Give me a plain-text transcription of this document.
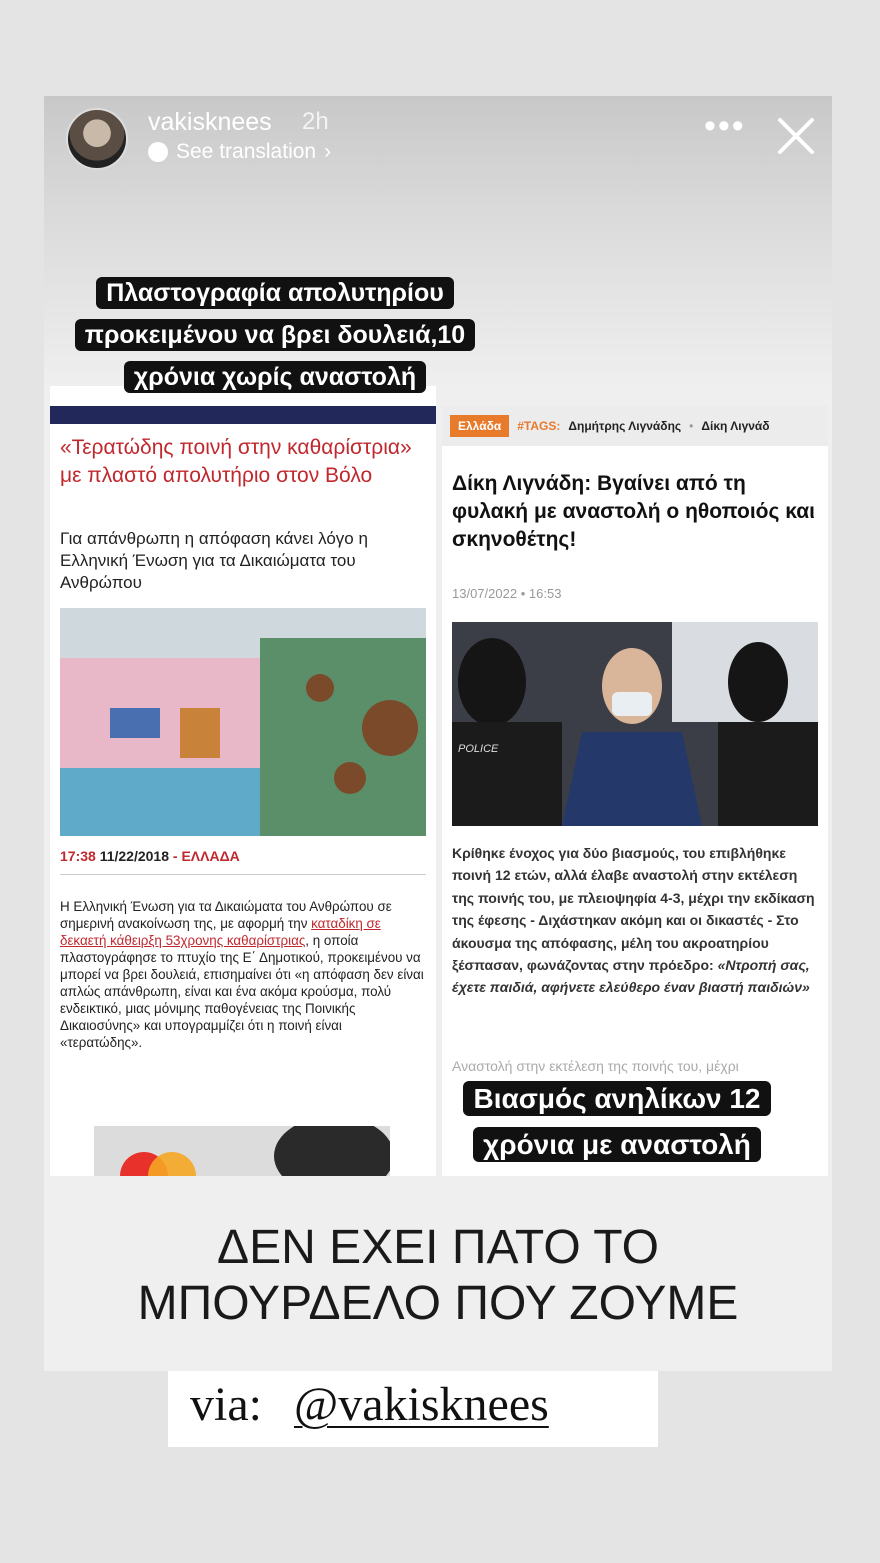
vakisknees 2h
See translation ›
•••
«Τερατώδης ποινή στην καθαρίστρια» με πλαστό απολυτήριο στον Βόλο
Για απάνθρωπη η απόφαση κάνει λόγο η Ελληνική Ένωση για τα Δικαιώματα του Ανθρώπου
17:38 11/22/2018 - ΕΛΛΑΔΑ
Η Ελληνική Ένωση για τα Δικαιώματα του Ανθρώπου σε σημερινή ανακοίνωση της, με αφορμή την καταδίκη σε δεκαετή κάθειρξη 53χρονης καθαρίστριας, η οποία πλαστογράφησε το πτυχίο της Ε΄ Δημοτικού, προκειμένου να μπορεί να βρει δουλειά, επισημαίνει ότι «η απόφαση δεν είναι απλώς απάνθρωπη, είναι και ένα ακόμα κρούσμα, πολύ ενδεικτικό, μιας μόνιμης παθογένειας της Ποινικής Δικαιοσύνης» και υπογραμμίζει ότι η ποινή είναι «τερατώδης».
Ελλάδα	#TAGS: Δημήτρης Λιγνάδης • Δίκη Λιγνάδ
Δίκη Λιγνάδη: Βγαίνει από τη φυλακή με αναστολή ο ηθοποιός και σκηνοθέτης!
13/07/2022 • 16:53
POLICE
Κρίθηκε ένοχος για δύο βιασμούς, του επιβλήθηκε ποινή 12 ετών, αλλά έλαβε αναστολή στην εκτέλεση της ποινής του, με πλειοψηφία 4-3, μέχρι την εκδίκαση της έφεσης - Διχάστηκαν ακόμη και οι δικαστές - Στο άκουσμα της απόφασης, μέλη του ακροατηρίου ξέσπασαν, φωνάζοντας στην πρόεδρο: «Ντροπή σας, έχετε παιδιά, αφήνετε ελεύθερο έναν βιαστή παιδιών»
Αναστολή στην εκτέλεση της ποινής του, μέχρι
Πλαστογραφία απολυτηρίου προκειμένου να βρει δουλειά,10 χρόνια χωρίς αναστολή
Βιασμός ανηλίκων 12 χρόνια με αναστολή
ΔΕΝ ΕΧΕΙ ΠΑΤΟ ΤΟ
ΜΠΟΥΡΔΕΛΟ ΠΟΥ ΖΟΥΜΕ
via: @vakisknees
